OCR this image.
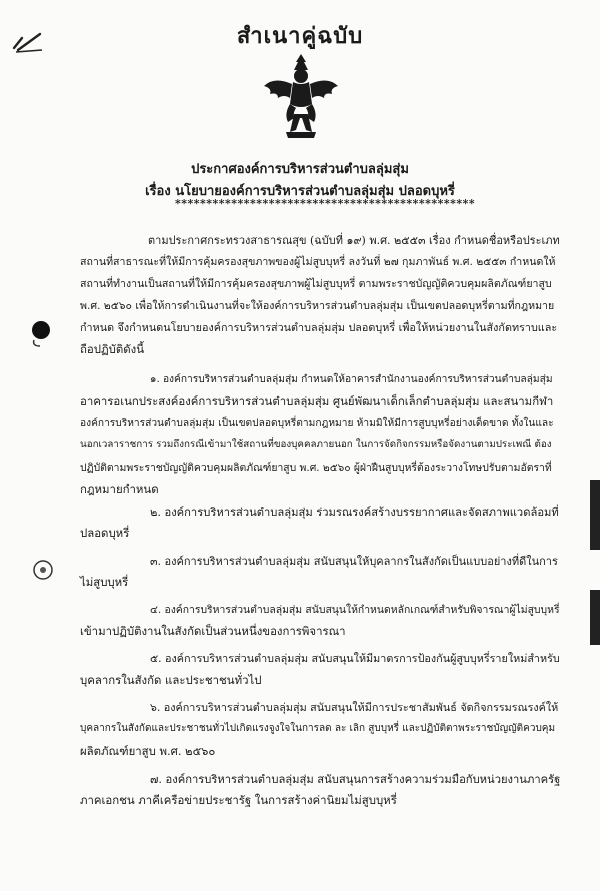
สำเนาคู่ฉบับ
ประกาศองค์การบริหารส่วนตำบลลุ่มสุ่ม
เรื่อง นโยบายองค์การบริหารส่วนตำบลลุ่มสุ่ม ปลอดบุหรี่
************************************************
ตามประกาศกระทรวงสาธารณสุข (ฉบับที่ ๑๙) พ.ศ. ๒๕๕๓ เรื่อง กำหนดชื่อหรือประเภท
สถานที่สาธารณะที่ให้มีการคุ้มครองสุขภาพของผู้ไม่สูบบุหรี่ ลงวันที่ ๒๗ กุมภาพันธ์ พ.ศ. ๒๕๕๓ กำหนดให้
สถานที่ทำงานเป็นสถานที่ให้มีการคุ้มครองสุขภาพผู้ไม่สูบบุหรี่ ตามพระราชบัญญัติควบคุมผลิตภัณฑ์ยาสูบ
พ.ศ. ๒๕๖๐ เพื่อให้การดำเนินงานที่จะให้องค์การบริหารส่วนตำบลลุ่มสุ่ม เป็นเขตปลอดบุหรี่ตามที่กฎหมาย
กำหนด จึงกำหนดนโยบายองค์การบริหารส่วนตำบลลุ่มสุ่ม ปลอดบุหรี่ เพื่อให้หน่วยงานในสังกัดทราบและ
ถือปฏิบัติดังนี้
๑. องค์การบริหารส่วนตำบลลุ่มสุ่ม กำหนดให้อาคารสำนักงานองค์การบริหารส่วนตำบลลุ่มสุ่ม
อาคารอเนกประสงค์องค์การบริหารส่วนตำบลลุ่มสุ่ม ศูนย์พัฒนาเด็กเล็กตำบลลุ่มสุ่ม และสนามกีฬา
องค์การบริหารส่วนตำบลลุ่มสุ่ม เป็นเขตปลอดบุหรี่ตามกฎหมาย ห้ามมิให้มีการสูบบุหรี่อย่างเด็ดขาด ทั้งในและ
นอกเวลาราชการ รวมถึงกรณีเข้ามาใช้สถานที่ของบุคคลภายนอก ในการจัดกิจกรรมหรือจัดงานตามประเพณี ต้อง
ปฏิบัติตามพระราชบัญญัติควบคุมผลิตภัณฑ์ยาสูบ พ.ศ. ๒๕๖๐ ผู้ฝ่าฝืนสูบบุหรี่ต้องระวางโทษปรับตามอัตราที่
กฎหมายกำหนด
๒. องค์การบริหารส่วนตำบลลุ่มสุ่ม ร่วมรณรงค์สร้างบรรยากาศและจัดสภาพแวดล้อมที่
ปลอดบุหรี่
๓. องค์การบริหารส่วนตำบลลุ่มสุ่ม สนับสนุนให้บุคลากรในสังกัดเป็นแบบอย่างที่ดีในการ
ไม่สูบบุหรี่
๔. องค์การบริหารส่วนตำบลลุ่มสุ่ม สนับสนุนให้กำหนดหลักเกณฑ์สำหรับพิจารณาผู้ไม่สูบบุหรี่
เข้ามาปฏิบัติงานในสังกัดเป็นส่วนหนึ่งของการพิจารณา
๕. องค์การบริหารส่วนตำบลลุ่มสุ่ม สนับสนุนให้มีมาตรการป้องกันผู้สูบบุหรี่รายใหม่สำหรับ
บุคลากรในสังกัด และประชาชนทั่วไป
๖. องค์การบริหารส่วนตำบลลุ่มสุ่ม สนับสนุนให้มีการประชาสัมพันธ์ จัดกิจกรรมรณรงค์ให้
บุคลากรในสังกัดและประชาชนทั่วไปเกิดแรงจูงใจในการลด ละ เลิก สูบบุหรี่ และปฏิบัติตาพระราชบัญญัติควบคุม
ผลิตภัณฑ์ยาสูบ พ.ศ. ๒๕๖๐
๗. องค์การบริหารส่วนตำบลลุ่มสุ่ม สนับสนุนการสร้างความร่วมมือกับหน่วยงานภาครัฐ
ภาคเอกชน ภาคีเครือข่ายประชารัฐ ในการสร้างค่านิยมไม่สูบบุหรี่
